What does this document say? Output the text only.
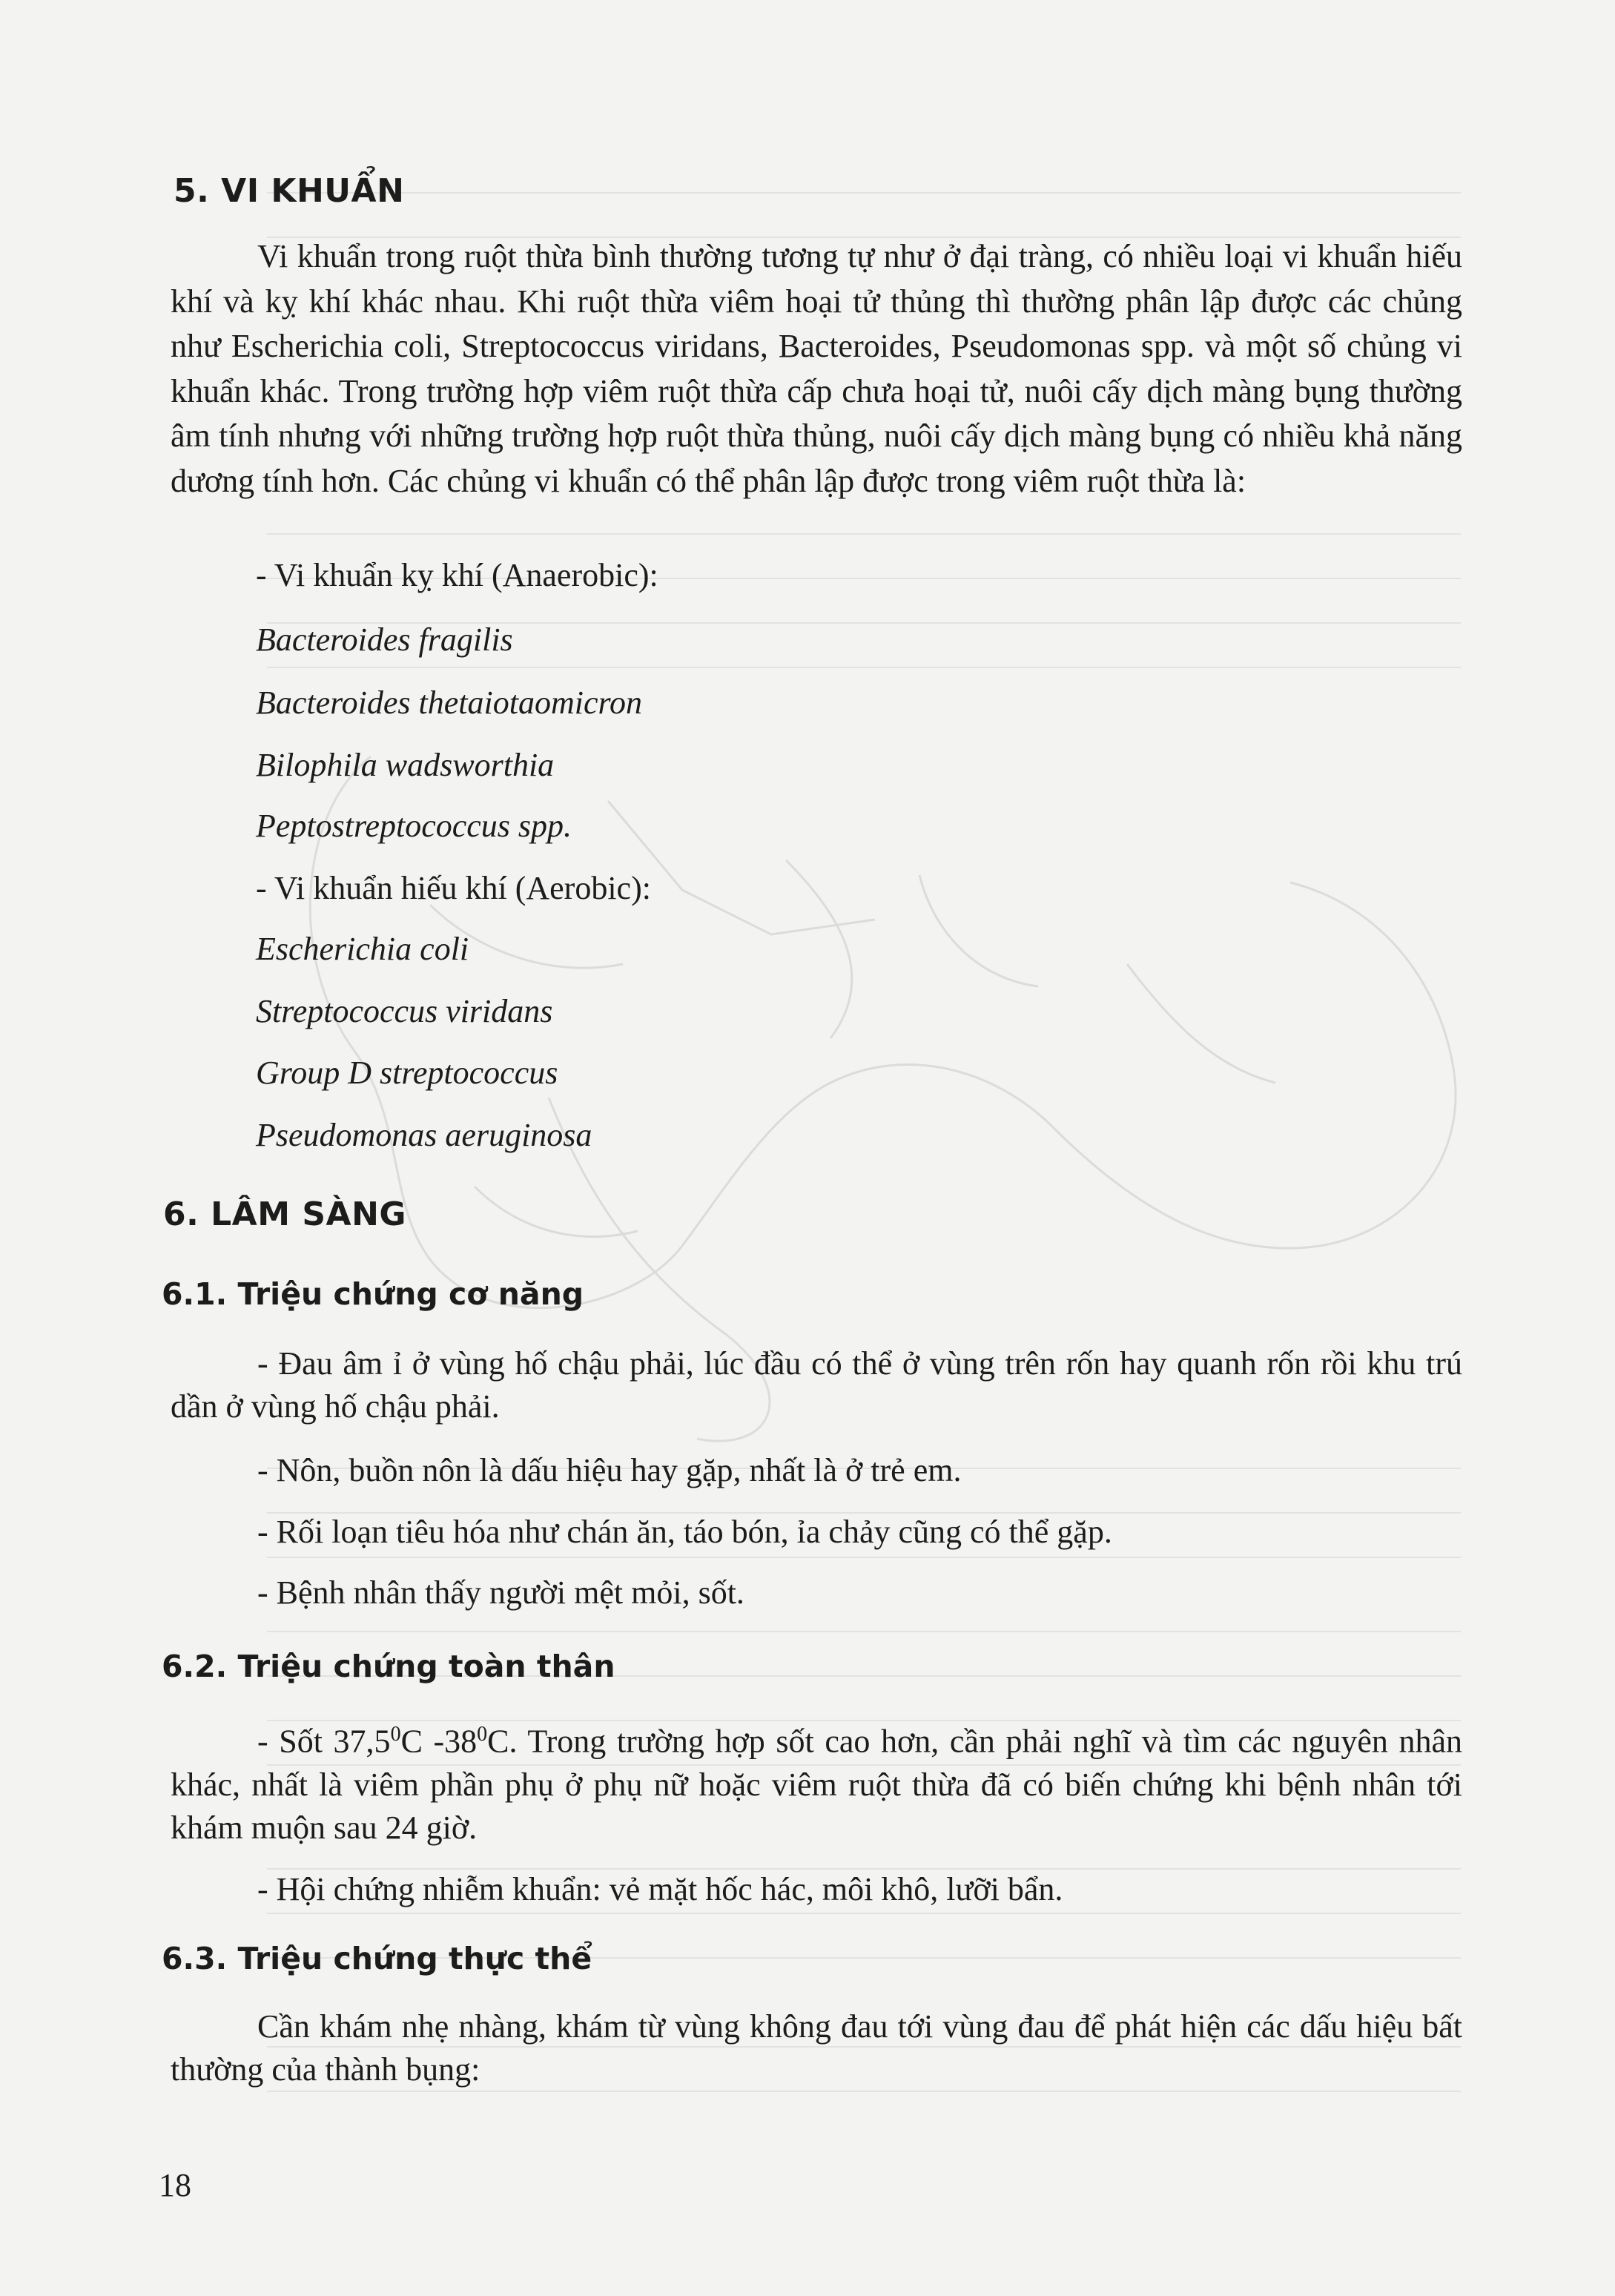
5. VI KHUẨN

Vi khuẩn trong ruột thừa bình thường tương tự như ở đại tràng, có nhiều loại vi khuẩn hiếu khí và kỵ khí khác nhau. Khi ruột thừa viêm hoại tử thủng thì thường phân lập được các chủng như Escherichia coli, Streptococcus viridans, Bacteroides, Pseudomonas spp. và một số chủng vi khuẩn khác. Trong trường hợp viêm ruột thừa cấp chưa hoại tử, nuôi cấy dịch màng bụng thường âm tính nhưng với những trường hợp ruột thừa thủng, nuôi cấy dịch màng bụng có nhiều khả năng dương tính hơn. Các chủng vi khuẩn có thể phân lập được trong viêm ruột thừa là:

- Vi khuẩn kỵ khí (Anaerobic):
Bacteroides fragilis
Bacteroides thetaiotaomicron
Bilophila wadsworthia
Peptostreptococcus spp.
- Vi khuẩn hiếu khí (Aerobic):
Escherichia coli
Streptococcus viridans
Group D streptococcus
Pseudomonas aeruginosa
6. LÂM SÀNG
6.1. Triệu chứng cơ năng

- Đau âm ỉ ở vùng hố chậu phải, lúc đầu có thể ở vùng trên rốn hay quanh rốn rồi khu trú dần ở vùng hố chậu phải.

- Nôn, buồn nôn là dấu hiệu hay gặp, nhất là ở trẻ em.

- Rối loạn tiêu hóa như chán ăn, táo bón, ỉa chảy cũng có thể gặp.

- Bệnh nhân thấy người mệt mỏi, sốt.

6.2. Triệu chứng toàn thân

- Sốt 37,5$^0$C $-38^0C$. Trong trường hợp sốt cao hơn, cần phải nghĩ và tìm các nguyên nhân khác, nhất là viêm phần phụ ở phụ nữ hoặc viêm ruột thừa đã có biến chứng khi bệnh nhân tới khám muộn sau 24 giờ.

- Hội chứng nhiễm khuẩn: vẻ mặt hốc hác, môi khô, lưỡi bẩn.

6.3. Triệu chứng thực thể

Cần khám nhẹ nhàng, khám từ vùng không đau tới vùng đau để phát hiện các dấu hiệu bất thường của thành bụng:

18
